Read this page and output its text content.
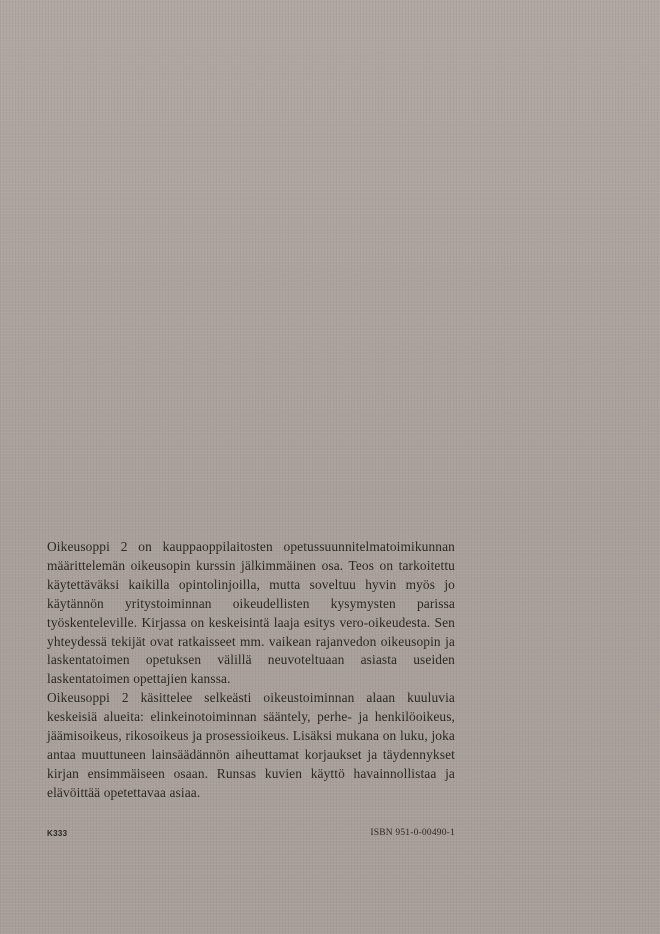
Oikeusoppi 2 on kauppaoppilaitosten opetussuunnitelmatoimikunnan määrittelemän oikeusopin kurssin jälkimmäinen osa. Teos on tarkoitettu käytettäväksi kaikilla opintolinjoilla, mutta soveltuu hyvin myös jo käytännön yritystoiminnan oikeudellisten kysymysten parissa työskenteleville. Kirjassa on keskeisintä laaja esitys vero-oikeudesta. Sen yhteydessä tekijät ovat ratkaisseet mm. vaikean rajanvedon oikeusopin ja laskentatoimen opetuksen välillä neuvoteltuaan asiasta useiden laskentatoimen opettajien kanssa.

Oikeusoppi 2 käsittelee selkeästi oikeustoiminnan alaan kuuluvia keskeisiä alueita: elinkeinotoiminnan sääntely, perhe- ja henkilöoikeus, jäämisoikeus, rikosoikeus ja prosessioikeus. Lisäksi mukana on luku, joka antaa muuttuneen lainsäädännön aiheuttamat korjaukset ja täydennykset kirjan ensimmäiseen osaan. Runsas kuvien käyttö havainnollistaa ja elävöittää opetettavaa asiaa.

K333	ISBN 951-0-00490-1
